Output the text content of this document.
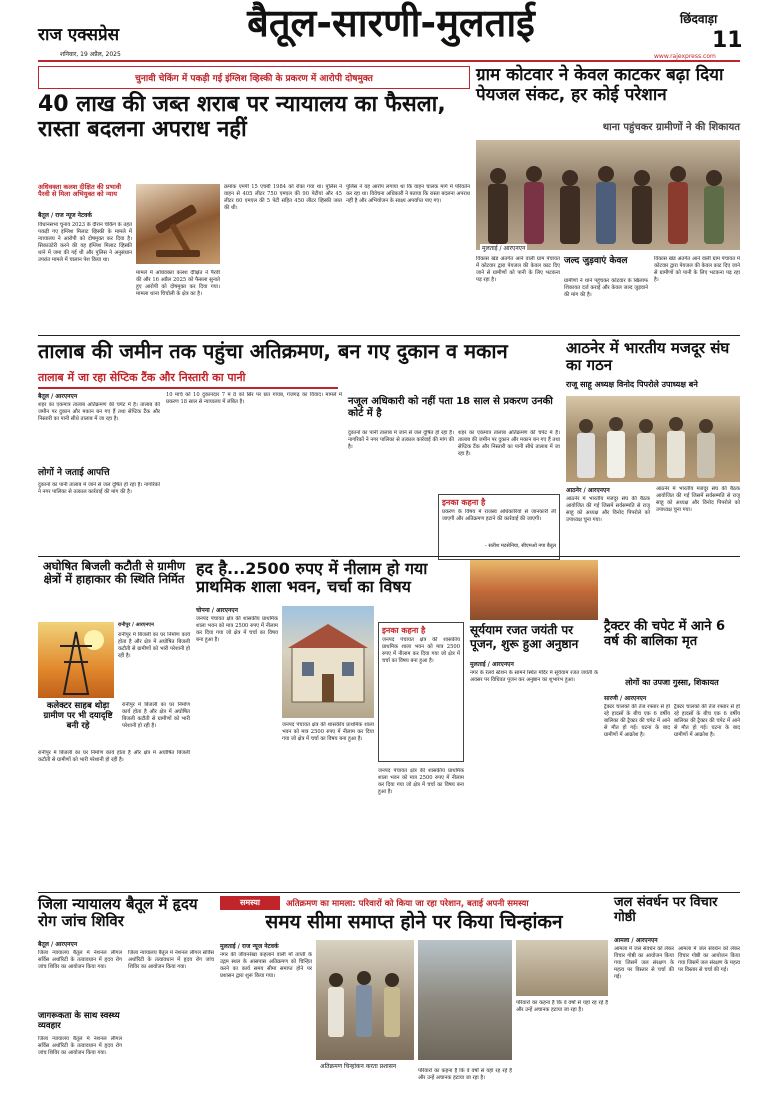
राज एक्सप्रेस
शनिवार, 19 अप्रैल, 2025
बैतूल-सारणी-मुलताई	छिंदवाड़ा
11
www.rajexpress.com
चुनावी चेकिंग में पकड़ी गई इंग्लिश व्हिस्की के प्रकरण में आरोपी दोषमुक्त
40 लाख की जब्त शराब पर न्यायालय का फैसला, रास्ता बदलना अपराध नहीं
अधिवक्ता कलश दीक्षित की प्रभावी पैरवी से मिला अभियुक्त को न्याय
बैतूल / राज न्यूज नेटवर्क
विधानसभा चुनाव 2023 के दौरान चेकिंग के तहत पकड़ी गए इंग्लिश मिलाट व्हिस्की के मामले में न्यायालय ने आरोपी को दोषमुक्त कर दिया है। सिकाउंटेरी करने की यह इंग्लिश मिलाट व्हिस्की थाने में जमा की गई थी और पुलिस ने अनुसंधान उपरांत मामले में चालान पेश किया था।
मामले में अधिवक्ता कलश दीक्षित ने पैरवी की और 16 अप्रैल 2025 को फैसला सुनाते हुए आरोपी को दोषमुक्त कर दिया गया। मामला थाना चिचोली के क्षेत्र का है।
क्रमांक एमपी 15 एचबी 1984 को रोका गया था। पुलिस ने वाहन से 405 लीटर 750 एमएल की 90 पेटीयां और 45 लीटर 60 एमएल की 5 पेटी सहित 450 लीटर व्हिस्की जब्त की थी।
पुलिस ने यह आरोप लगाया था कि वाहन चालक मार्ग में परिवर्तन कर रहा था। विवेचना अधिकारी ने बताया कि रास्ता बदलना अपराध नहीं है और अभियोजन के साक्ष्य अपर्याप्त पाए गए।
ग्राम कोटवार ने केवल काटकर बढ़ा दिया पेयजल संकट, हर कोई परेशान
थाना पहुंचकर ग्रामीणों ने की शिकायत
मुलताई / आरएनएन
विकास खंड अंतर्गत आने वाली ग्राम पंचायत में कोटवार द्वारा पेयजल की केवल काट दिए जाने से ग्रामीणों को पानी के लिए भटकना पड़ रहा है।
जल्द जुड़वाएं केवल
ग्रामीणों ने थाने पहुंचकर कोटवार के खिलाफ शिकायत दर्ज कराई और केवल जल्द जुड़वाने की मांग की है।
विकास खंड अंतर्गत आने वाली ग्राम पंचायत में कोटवार द्वारा पेयजल की केवल काट दिए जाने से ग्रामीणों को पानी के लिए भटकना पड़ रहा है।
तालाब की जमीन तक पहुंचा अतिक्रमण, बन गए दुकान व मकान
तालाब में जा रहा सेप्टिक टैंक और निस्तारी का पानी
बैतूल / आरएनएन
शहर का एकमात्र तालाब अतिक्रमण की चपेट में है। तालाब की जमीन पर दुकान और मकान बन गए हैं तथा सेप्टिक टैंक और निस्तारी का पानी सीधे तालाब में जा रहा है।
लोगों ने जताई आपत्ति
दुकानों का पानी तालाब में जाने से जल दूषित हो रहा है। नागरिकों ने नगर पालिका से तत्काल कार्रवाई की मांग की है।
10 मार्च को 10 दुकानदार 7 मं 8 को सिर पर छत गायब, गंजगढ़ का विवाद। मामले में प्रकरण 18 साल से न्यायालय में लंबित है।	नजूल अधिकारी को नहीं पता 18 साल से प्रकरण उनकी कोर्ट में है
दुकानों का पानी तालाब में जाने से जल दूषित हो रहा है। नागरिकों ने नगर पालिका से तत्काल कार्रवाई की मांग की है।
शहर का एकमात्र तालाब अतिक्रमण की चपेट में है। तालाब की जमीन पर दुकान और मकान बन गए हैं तथा सेप्टिक टैंक और निस्तारी का पानी सीधे तालाब में जा रहा है।
इनका कहना है
प्रकरण के विषय में राजस्व अधिकारियों से जानकारी ली जाएगी और अतिक्रमण हटाने की कार्रवाई की जाएगी।
- सतीश मटसेनिया, सीएमओ नपा बैतूल
आठनेर में भारतीय मजदूर संघ का गठन
राजू साहू अध्यक्ष विनोद पिपरोले उपाध्यक्ष बने
आठनेर / आरएनएन
आठनेर में भारतीय मजदूर संघ की बैठक आयोजित की गई जिसमें सर्वसम्मति से राजू साहू को अध्यक्ष और विनोद पिपरोले को उपाध्यक्ष चुना गया।
आठनेर में भारतीय मजदूर संघ की बैठक आयोजित की गई जिसमें सर्वसम्मति से राजू साहू को अध्यक्ष और विनोद पिपरोले को उपाध्यक्ष चुना गया।
अघोषित बिजली कटौती से ग्रामीण क्षेत्रों में हाहाकार की स्थिति निर्मित
रानीपुर / आरएनएन
रानीपुर में बिजली का घर निर्माण कार्य होता है और क्षेत्र में अघोषित बिजली कटौती से ग्रामीणों को भारी परेशानी हो रही है।
कलेक्टर साहब थोड़ा ग्रामीण पर भी दयादृष्टि बनी रहे
रानीपुर में बिजली का घर निर्माण कार्य होता है और क्षेत्र में अघोषित बिजली कटौती से ग्रामीणों को भारी परेशानी हो रही है।
रानीपुर में बिजली का घर निर्माण कार्य होता है और क्षेत्र में अघोषित बिजली कटौती से ग्रामीणों को भारी परेशानी हो रही है।
हद है...2500 रुपए में नीलाम हो गया प्राथमिक शाला भवन, चर्चा का विषय
चोपना / आरएनएन
जनपद पंचायत क्षेत्र की शासकीय प्राथमिक शाला भवन को मात्र 2500 रुपए में नीलाम कर दिया गया जो क्षेत्र में चर्चा का विषय बना हुआ है।
जनपद पंचायत क्षेत्र की शासकीय प्राथमिक शाला भवन को मात्र 2500 रुपए में नीलाम कर दिया गया जो क्षेत्र में चर्चा का विषय बना हुआ है।
इनका कहना है
जनपद पंचायत क्षेत्र की शासकीय प्राथमिक शाला भवन को मात्र 2500 रुपए में नीलाम कर दिया गया जो क्षेत्र में चर्चा का विषय बना हुआ है।
जनपद पंचायत क्षेत्र की शासकीय प्राथमिक शाला भवन को मात्र 2500 रुपए में नीलाम कर दिया गया जो क्षेत्र में चर्चा का विषय बना हुआ है।
सूर्ययाम रजत जयंती पर पूजन, शुरू हुआ अनुष्ठान
मुलताई / आरएनएन
नगर के रेलवे स्टेशन के सामने स्थित मंदिर में सूर्ययाम रजत जयंती के अवसर पर विधिवत पूजन कर अनुष्ठान का शुभारंभ हुआ।	लोगों का उपजा गुस्सा, शिकायत
सारणी / आरएनएन
ट्रैक्टर चालकों की तेज रफ्तार से हो रहे हादसों के बीच एक 6 वर्षीय बालिका की ट्रैक्टर की चपेट में आने से मौत हो गई। घटना के बाद ग्रामीणों में आक्रोश है।
ट्रैक्टर चालकों की तेज रफ्तार से हो रहे हादसों के बीच एक 6 वर्षीय बालिका की ट्रैक्टर की चपेट में आने से मौत हो गई। घटना के बाद ग्रामीणों में आक्रोश है।
ट्रैक्टर की चपेट में आने 6 वर्ष की बालिका मृत
जिला न्यायालय बैतूल में हृदय रोग जांच शिविर
बैतूल / आरएनएन
जिला न्यायालय बैतूल में नेशनल लीगल सर्विस अथॉरिटी के तत्वावधान में हृदय रोग जांच शिविर का आयोजन किया गया।
जागरूकता के साथ स्वस्थ्य व्यवहार
जिला न्यायालय बैतूल में नेशनल लीगल सर्विस अथॉरिटी के तत्वावधान में हृदय रोग जांच शिविर का आयोजन किया गया।
जिला न्यायालय बैतूल में नेशनल लीगल सर्विस अथॉरिटी के तत्वावधान में हृदय रोग जांच शिविर का आयोजन किया गया।
समस्या	अतिक्रमण का मामला: परिवारों को किया जा रहा परेशान, बताई अपनी समस्या
समय सीमा समाप्त होने पर किया चिन्हांकन
मुलताई / राज न्यूज नेटवर्क
नगर की जीवनरेखा कहलाने वाली माँ ताप्ती के उद्गम स्थल के आसपास अतिक्रमण को चिन्हित करने का कार्य समय सीमा समाप्त होने पर प्रशासन द्वारा शुरू किया गया।
अतिक्रमण चिन्हांकन करता प्रशासन
परिवारों का कहना है कि वे वर्षों से यहां रह रहे हैं और उन्हें अचानक हटाया जा रहा है।
परिवारों का कहना है कि वे वर्षों से यहां रह रहे हैं और उन्हें अचानक हटाया जा रहा है।
जल संवर्धन पर विचार गोष्ठी
आमला / आरएनएन
आमला में जल संवर्धन को लेकर विचार गोष्ठी का आयोजन किया गया जिसमें जल संरक्षण के महत्व पर विस्तार से चर्चा की गई।
आमला में जल संवर्धन को लेकर विचार गोष्ठी का आयोजन किया गया जिसमें जल संरक्षण के महत्व पर विस्तार से चर्चा की गई।
